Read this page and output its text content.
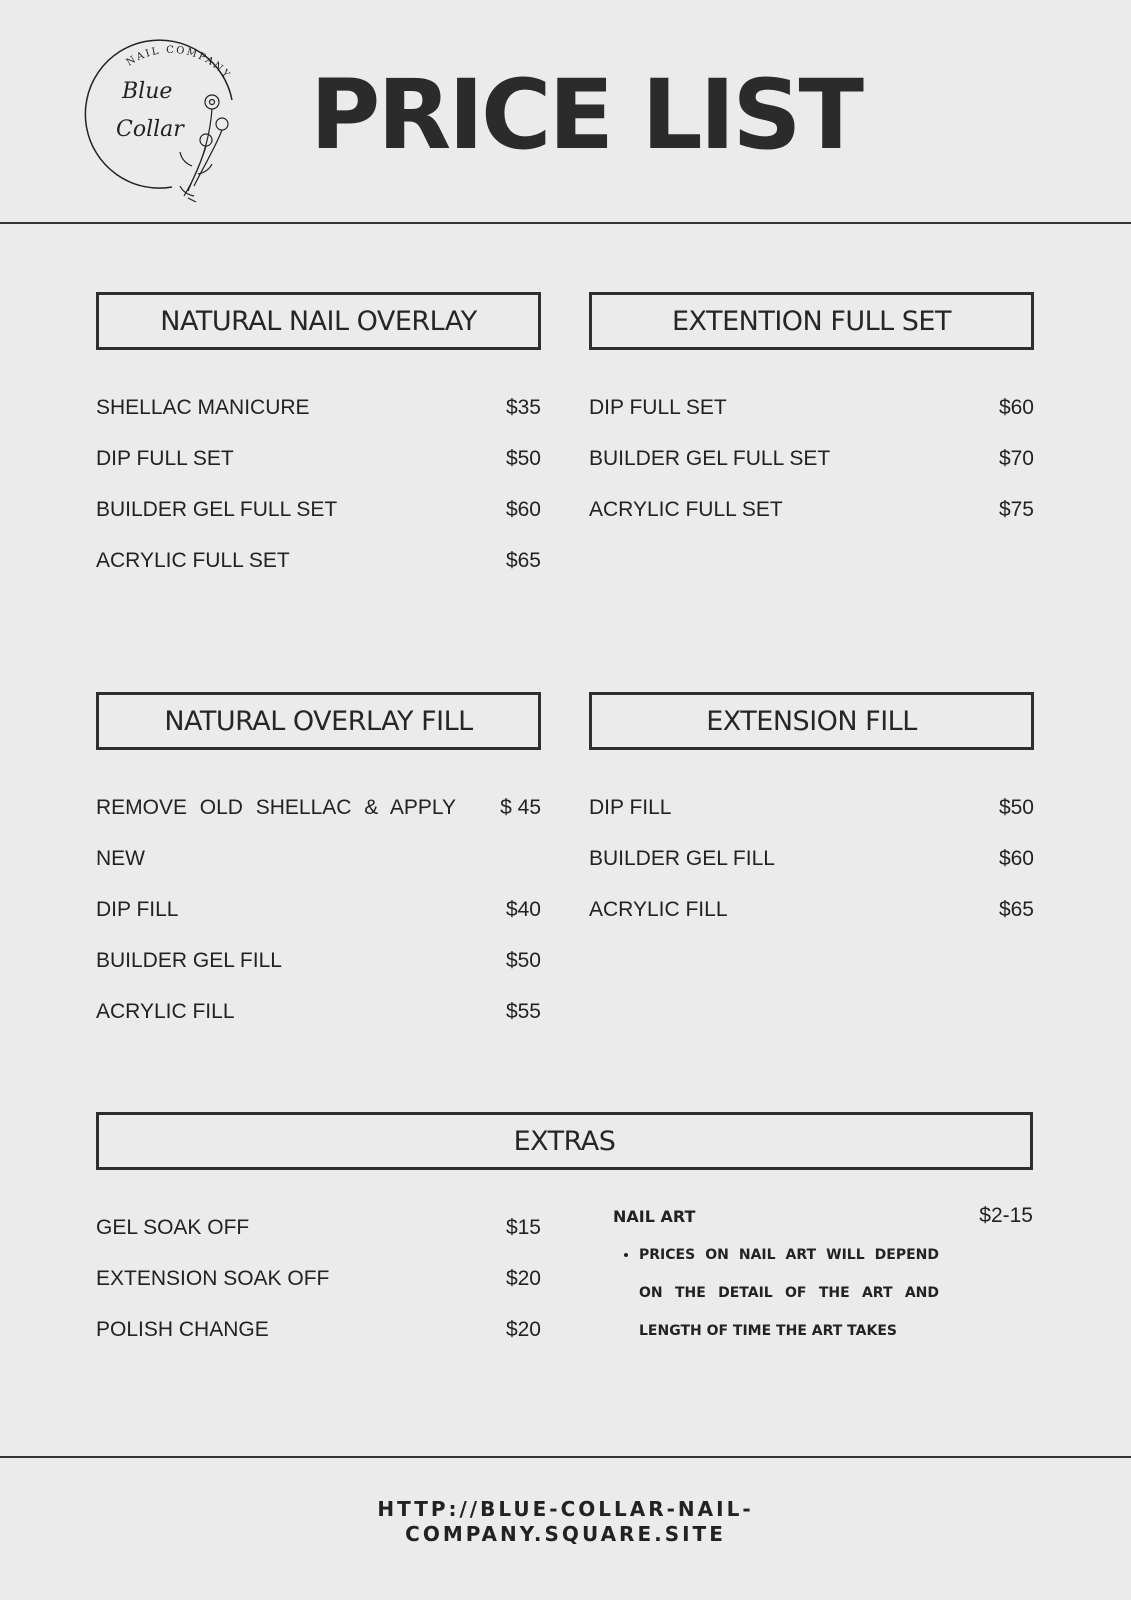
NAIL COMPANY
Blue
Collar PRICE LIST
NATURAL NAIL OVERLAY
SHELLAC MANICURE	$35
DIP FULL SET	$50
BUILDER GEL FULL SET	$60
ACRYLIC FULL SET	$65
EXTENTION FULL SET
DIP FULL SET	$60
BUILDER GEL FULL SET	$70
ACRYLIC FULL SET	$75
NATURAL OVERLAY FILL
REMOVE OLD SHELLAC & APPLY NEW
$ 45
DIP FILL	$40
BUILDER GEL FILL	$50
ACRYLIC FILL	$55
EXTENSION FILL
DIP FILL	$50
BUILDER GEL FILL	$60
ACRYLIC FILL	$65
EXTRAS
GEL SOAK OFF	$15
EXTENSION SOAK OFF	$20
POLISH CHANGE	$20
NAIL ART	$2-15
• PRICES ON NAIL ART WILL DEPEND ON THE DETAIL OF THE ART AND LENGTH OF TIME THE ART TAKES
HTTP://BLUE-COLLAR-NAIL-
COMPANY.SQUARE.SITE
